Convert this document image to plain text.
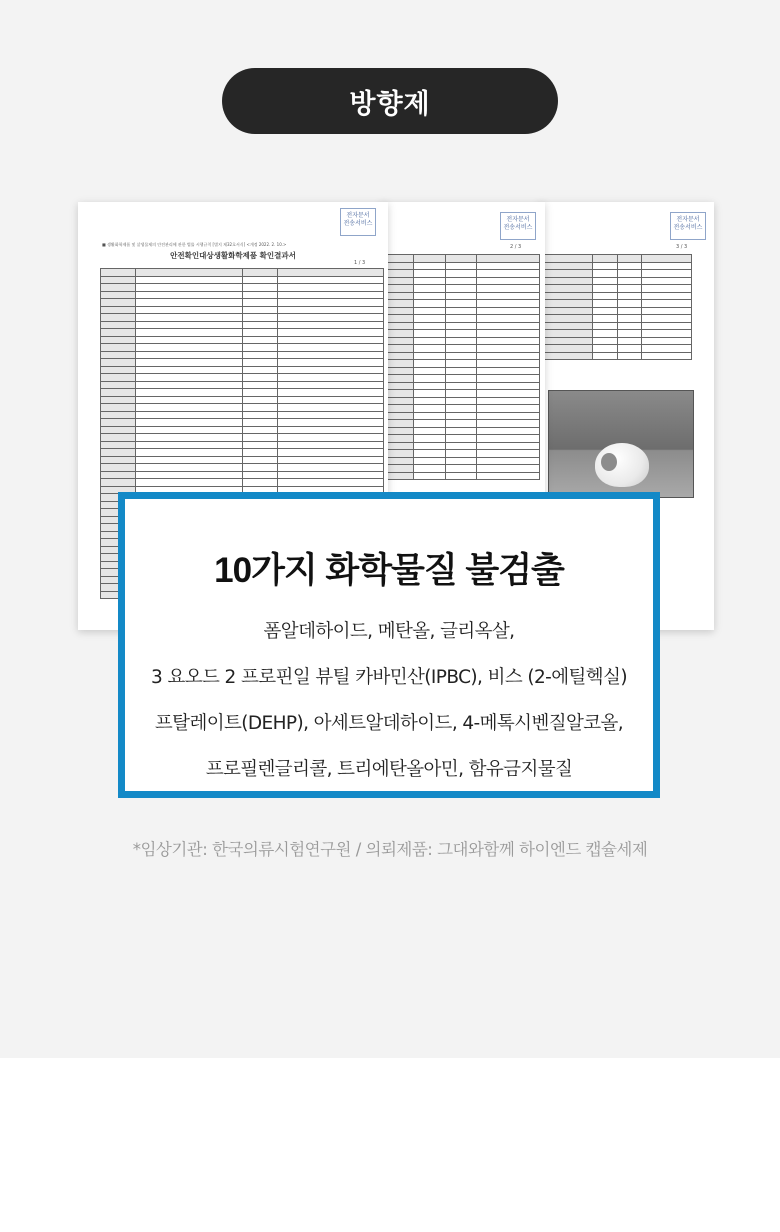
방향제
전자문서
전송서비스
3 / 3
전자문서
전송서비스
2 / 3
전자문서
전송서비스
■ 생활화학제품 및 살생물제의 안전관리에 관한 법률 시행규칙 [별지 제32호서식] <개정 2022. 2. 10.>
안전확인대상생활화학제품 확인결과서
1 / 3
10가지 화학물질 불검출

폼알데하이드, 메탄올, 글리옥살,

3 요오드 2 프로핀일 뷰틸 카바민산(IPBC), 비스 (2-에틸헥실)

프탈레이트(DEHP), 아세트알데하이드, 4-메톡시벤질알코올,

프로필렌글리콜, 트리에탄올아민, 함유금지물질

*임상기관: 한국의류시험연구원 / 의뢰제품: 그대와함께 하이엔드 캡슐세제
